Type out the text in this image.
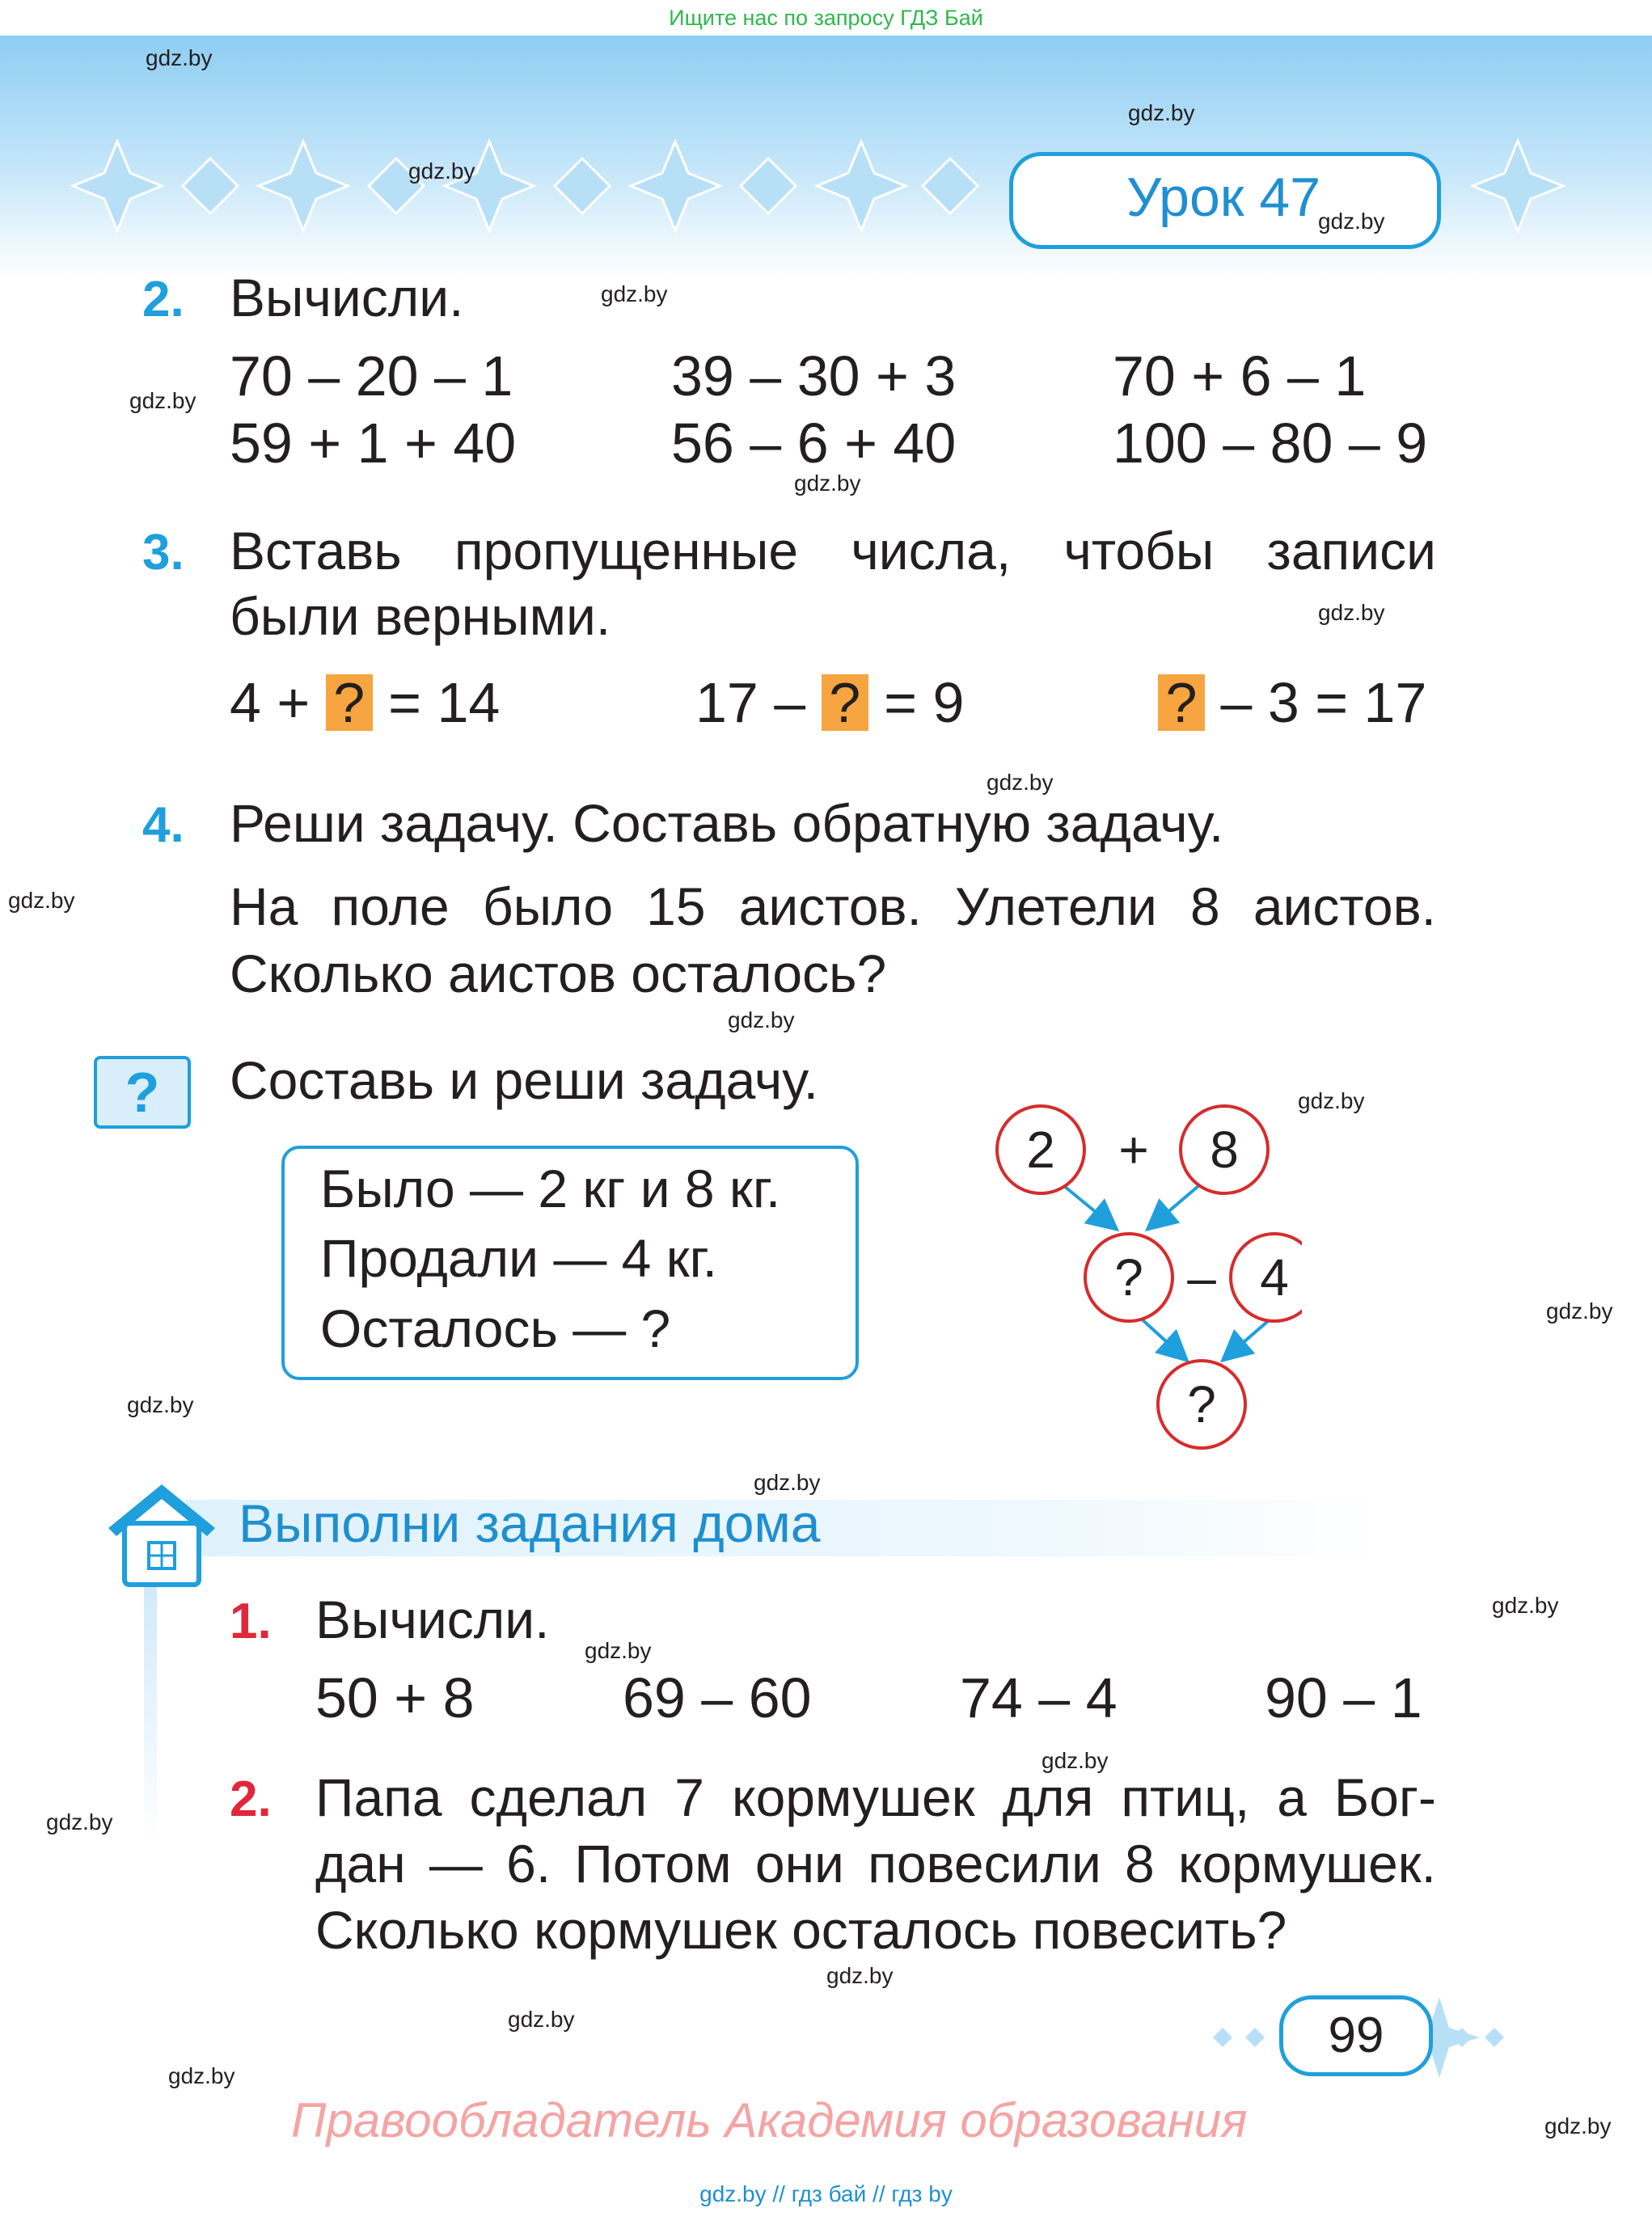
Ищите нас по запросу ГДЗ Бай
Урок 47
gdz.by
gdz.by
gdz.by
gdz.by
gdz.by
gdz.by
gdz.by
gdz.by
gdz.by
gdz.by
gdz.by
gdz.by
gdz.by
gdz.by
gdz.by
gdz.by
gdz.by
gdz.by
gdz.by
gdz.by
gdz.by
gdz.by
gdz.by
2. Вычисли.
70 – 20 – 1	39 – 30 + 3	70 + 6 – 1
59 + 1 + 40	56 – 6 + 40	100 – 80 – 9
3. Вставь пропущенные числа, чтобы записи
были верными.
4 + ? = 14	17 – ? = 9	? – 3 = 17
4. Реши задачу. Составь обратную задачу.
На поле было 15 аистов. Улетели 8 аистов.
Сколько аистов осталось?
?	Составь и реши задачу.
Было — 2 кг и 8 кг.
Продали — 4 кг.
Осталось — ?
2 + 8
? – 4
?
Выполни задания дома
1. Вычисли.
50 + 8	69 – 60	74 – 4	90 – 1
2. Папа сделал 7 кормушек для птиц, а Бог-
дан — 6. Потом они повесили 8 кормушек.
Сколько кормушек осталось повесить?
99
Правообладатель Академия образования
gdz.by // гдз бай // гдз by
